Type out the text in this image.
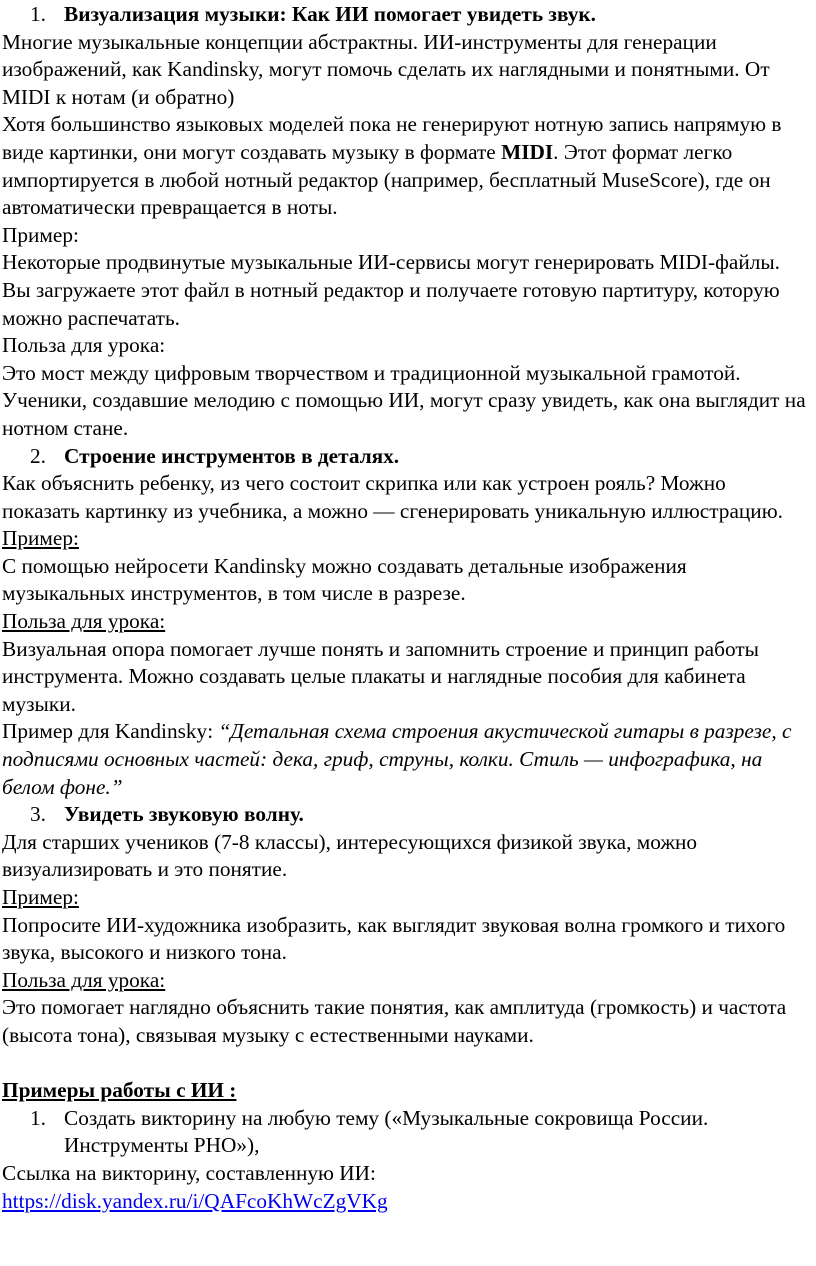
1. Визуализация музыки: Как ИИ помогает увидеть звук.

Многие музыкальные концепции абстрактны. ИИ-инструменты для генерации изображений, как Kandinsky, могут помочь сделать их наглядными и понятными. От MIDI к нотам (и обратно)

Хотя большинство языковых моделей пока не генерируют нотную запись напрямую в виде картинки, они могут создавать музыку в формате MIDI. Этот формат легко импортируется в любой нотный редактор (например, бесплатный MuseScore), где он автоматически превращается в ноты.

Пример:

Некоторые продвинутые музыкальные ИИ-сервисы могут генерировать MIDI-файлы. Вы загружаете этот файл в нотный редактор и получаете готовую партитуру, которую можно распечатать.

Польза для урока:

Это мост между цифровым творчеством и традиционной музыкальной грамотой. Ученики, создавшие мелодию с помощью ИИ, могут сразу увидеть, как она выглядит на нотном стане.

2. Строение инструментов в деталях.

Как объяснить ребенку, из чего состоит скрипка или как устроен рояль? Можно показать картинку из учебника, а можно — сгенерировать уникальную иллюстрацию.

Пример:

С помощью нейросети Kandinsky можно создавать детальные изображения музыкальных инструментов, в том числе в разрезе.

Польза для урока:

Визуальная опора помогает лучше понять и запомнить строение и принцип работы инструмента. Можно создавать целые плакаты и наглядные пособия для кабинета музыки.

Пример для Kandinsky: “Детальная схема строения акустической гитары в разрезе, с подписями основных частей: дека, гриф, струны, колки. Стиль — инфографика, на белом фоне.”

3. Увидеть звуковую волну.

Для старших учеников (7-8 классы), интересующихся физикой звука, можно визуализировать и это понятие.

Пример:

Попросите ИИ-художника изобразить, как выглядит звуковая волна громкого и тихого звука, высокого и низкого тона.

Польза для урока:

Это помогает наглядно объяснить такие понятия, как амплитуда (громкость) и частота (высота тона), связывая музыку с естественными науками.

Примеры работы с ИИ :

1. Создать викторину на любую тему («Музыкальные сокровища России. Инструменты РНО»),

Ссылка на викторину, составленную ИИ:

https://disk.yandex.ru/i/QAFcoKhWcZgVKg
